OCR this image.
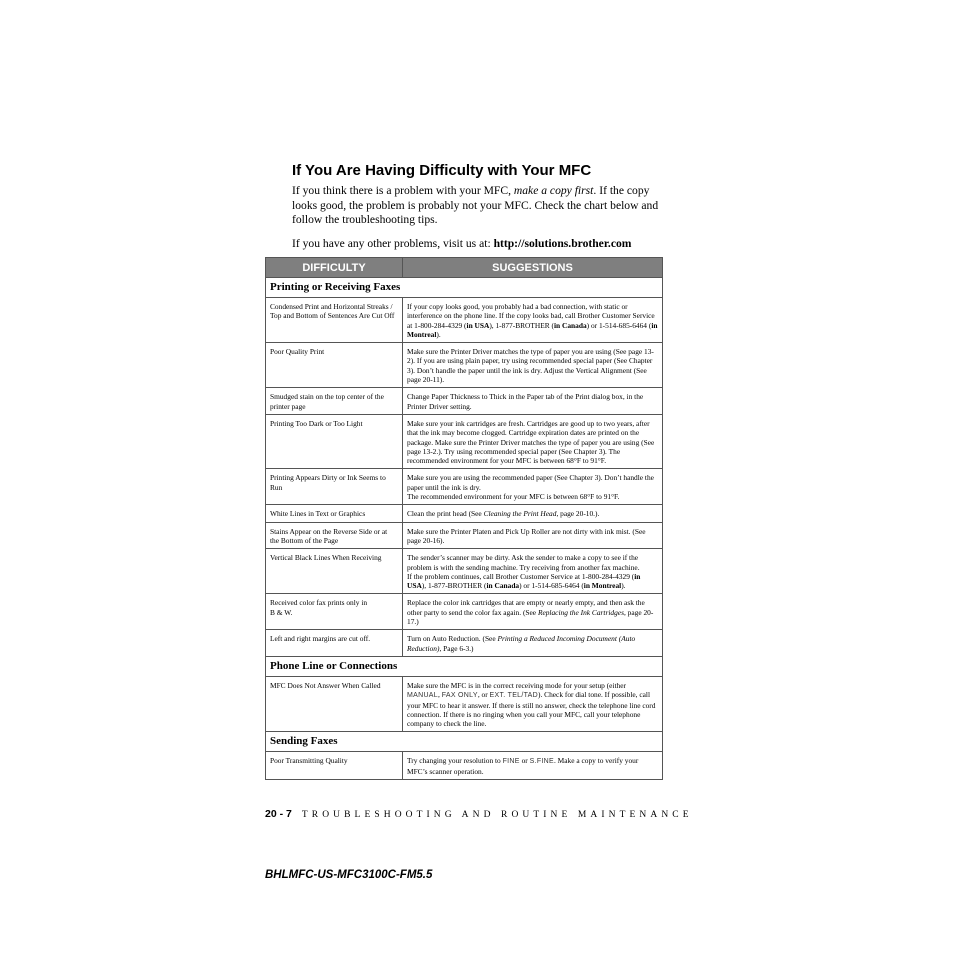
If You Are Having Difficulty with Your MFC

If you think there is a problem with your MFC, make a copy first. If the copy looks good, the problem is probably not your MFC. Check the chart below and follow the troubleshooting tips.

If you have any other problems, visit us at: http://solutions.brother.com

DIFFICULTY	SUGGESTIONS
Printing or Receiving Faxes	
Condensed Print and Horizontal Streaks / Top and Bottom of Sentences Are Cut Off	If your copy looks good, you probably had a bad connection, with static or interference on the phone line. If the copy looks bad, call Brother Customer Service at 1-800-284-4329 (in USA), 1-877-BROTHER (in Canada) or 1-514-685-6464 (in Montreal).
Poor Quality Print	Make sure the Printer Driver matches the type of paper you are using (See page 13-2). If you are using plain paper, try using recommended special paper (See Chapter 3). Don’t handle the paper until the ink is dry. Adjust the Vertical Alignment (See page 20-11).
Smudged stain on the top center of the printer page	Change Paper Thickness to Thick in the Paper tab of the Print dialog box, in the Printer Driver setting.
Printing Too Dark or Too Light	Make sure your ink cartridges are fresh. Cartridges are good up to two years, after that the ink may become clogged. Cartridge expiration dates are printed on the package. Make sure the Printer Driver matches the type of paper you are using (See page 13-2.). Try using recommended special paper (See Chapter 3). The recommended environment for your MFC is between 68°F to 91°F.
Printing Appears Dirty or Ink Seems to Run	Make sure you are using the recommended paper (See Chapter 3). Don’t handle the paper until the ink is dry.
The recommended environment for your MFC is between 68°F to 91°F.
White Lines in Text or Graphics	Clean the print head (See Cleaning the Print Head, page 20-10.).
Stains Appear on the Reverse Side or at the Bottom of the Page	Make sure the Printer Platen and Pick Up Roller are not dirty with ink mist. (See page 20-16).
Vertical Black Lines When Receiving	The sender’s scanner may be dirty. Ask the sender to make a copy to see if the problem is with the sending machine. Try receiving from another fax machine.
If the problem continues, call Brother Customer Service at 1-800-284-4329 (in USA), 1-877-BROTHER (in Canada) or 1-514-685-6464 (in Montreal).
Received color fax prints only in
B & W.	Replace the color ink cartridges that are empty or nearly empty, and then ask the other party to send the color fax again. (See Replacing the Ink Cartridges, page 20-17.)
Left and right margins are cut off.	Turn on Auto Reduction. (See Printing a Reduced Incoming Document (Auto Reduction), Page 6-3.)
Phone Line or Connections	
MFC Does Not Answer When Called	Make sure the MFC is in the correct receiving mode for your setup (either MANUAL, FAX ONLY, or EXT. TEL/TAD). Check for dial tone. If possible, call your MFC to hear it answer. If there is still no answer, check the telephone line cord connection. If there is no ringing when you call your MFC, call your telephone company to check the line.
Sending Faxes	
Poor Transmitting Quality	Try changing your resolution to FINE or S.FINE. Make a copy to verify your MFC’s scanner operation.
20 - 7 TROUBLESHOOTING AND ROUTINE MAINTENANCE
BHLMFC-US-MFC3100C-FM5.5
